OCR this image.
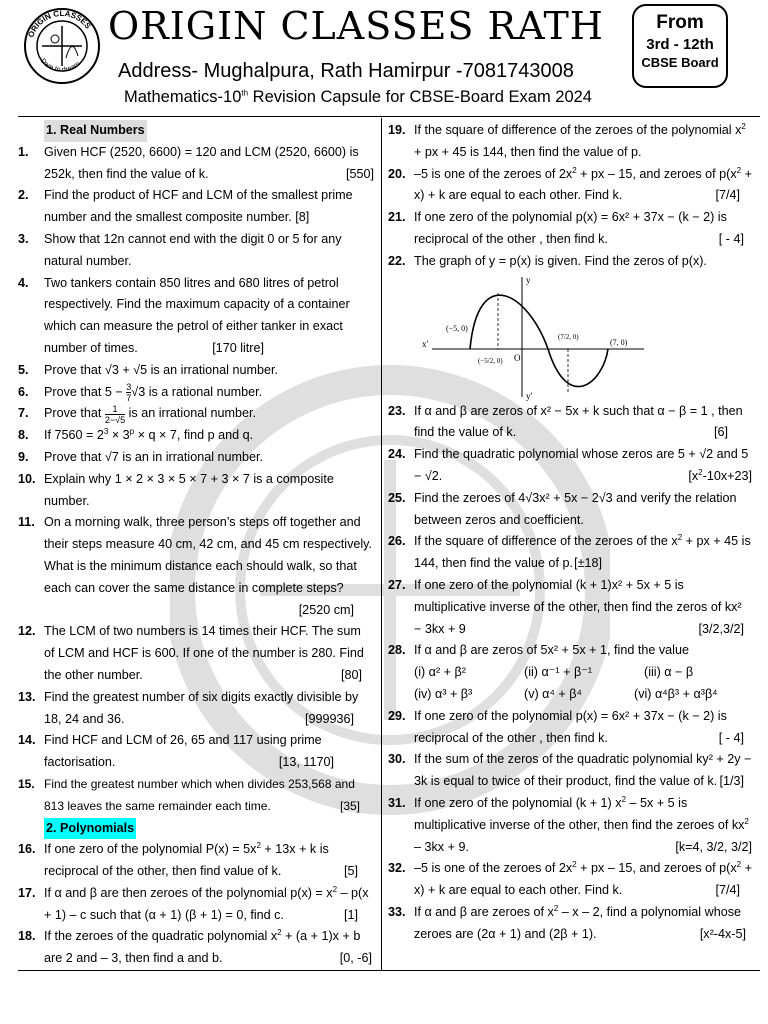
ORIGIN CLASSES
Dare to dream
ORIGIN CLASSES RATH
Address- Mughalpura, Rath Hamirpur -7081743008
Mathematics-10th Revision Capsule for CBSE-Board Exam 2024
From
3rd - 12th
CBSE Board
1. Real Numbers
1.	Given HCF (2520, 6600) = 120 and LCM (2520, 6600) is 252k, then find the value of k.	[550]
2.	Find the product of HCF and LCM of the smallest prime number and the smallest composite number. [8]
3.	Show that 12n cannot end with the digit 0 or 5 for any natural number.
4.	Two tankers contain 850 litres and 680 litres of petrol respectively. Find the maximum capacity of a container which can measure the petrol of either tanker in exact number of times.	[170 litre]
5.	Prove that √3 + √5 is an irrational number.
6.	Prove that $5 - \frac{3}{7} √3$ is a rational number.
7.	Prove that $\frac{1}{2-√5}$ is an irrational number.
8.	If $7560 = 2^3 \times 3^p \times q \times 7$, find p and q.
9.	Prove that √7 is an in irrational number.
10. Explain why 1 × 2 × 3 × 5 × 7 + 3 × 7 is a composite number.
11. On a morning walk, three person’s steps off together and their steps measure 40 cm, 42 cm, and 45 cm respectively. What is the minimum distance each should walk, so that each can cover the same distance in complete steps?
[2520 cm]
12. The LCM of two numbers is 14 times their HCF. The sum of LCM and HCF is 600. If one of the number is 280. Find the other number.	[80]
13. Find the greatest number of six digits exactly divisible by 18, 24 and 36.	[999936]
14. Find HCF and LCM of 26, 65 and 117 using prime factorisation.	[13, 1170]
15. Find the greatest number which when divides 253,568 and 813 leaves the same remainder each time.	[35]
2. Polynomials
16. If one zero of the polynomial $P(x) = 5x^2 + 13x + k$ is reciprocal of the other, then find value of k.	[5]
17. If α and β are then zeroes of the polynomial $p(x) = x^2 - p(x + 1) - c$ such that (α + 1) (β + 1) = 0, find c.	[1]
18. If the zeroes of the quadratic polynomial $x^2 + (a + 1)x + b$ are 2 and – 3, then find a and b.	[0, -6]
19. If the square of difference of the zeroes of the polynomial $x^2$ + px + 45 is 144, then find the value of p.
20. –5 is one of the zeroes of $2x^2$ + px – 15, and zeroes of $p(x^2 + x) + k$ are equal to each other. Find k.	[7/4]
21. If one zero of the polynomial p(x) = 6x² + 37x − (k − 2) is reciprocal of the other , then find k.	[ - 4]
22. The graph of y = p(x) is given. Find the zeros of p(x).
x'
y
y'
O
(−5, 0)
(−5/2, 0)
(7/2, 0)
(7, 0)
23. If α and β are zeros of x² − 5x + k such that α − β = 1 , then find the value of k.	[6]
24. Find the quadratic polynomial whose zeros are 5 + √2 and 5 − √2.	$[x^2-10x+23]$
25. Find the zeroes of 4√3x² + 5x − 2√3 and verify the relation between zeros and coefficient.
26. If the square of difference of the zeroes of the $x^2$ + px + 45 is 144, then find the value of p. [±18]
27. If one zero of the polynomial (k + 1)x² + 5x + 5 is multiplicative inverse of the other, then find the zeros of kx² − 3kx + 9	[3/2,3/2]
28. If α and β are zeros of 5x² + 5x + 1, find the value
(i) α² + β²	(ii) α⁻¹ + β⁻¹	(iii) α − β
(iv) α³ + β³	(v) α⁴ + β⁴	(vi) α⁴β³ + α³β⁴
29. If one zero of the polynomial p(x) = 6x² + 37x − (k − 2) is reciprocal of the other , then find k.	[ - 4]
30. If the sum of the zeros of the quadratic polynomial ky² + 2y − 3k is equal to twice of their product, find the value of k. [1/3]
31. If one zero of the polynomial (k + 1) $x^2 - 5x + 5$ is multiplicative inverse of the other, then find the zeroes of $kx^2 - 3kx + 9$.	[k=4, 3/2, 3/2]
32. –5 is one of the zeroes of $2x^2$ + px – 15, and zeroes of $p(x^2 + x) + k$ are equal to each other. Find k.	[7/4]
33. If α and β are zeroes of $x^2$ – x – 2, find a polynomial whose zeroes are (2α + 1) and (2β + 1).	[x²-4x-5]
